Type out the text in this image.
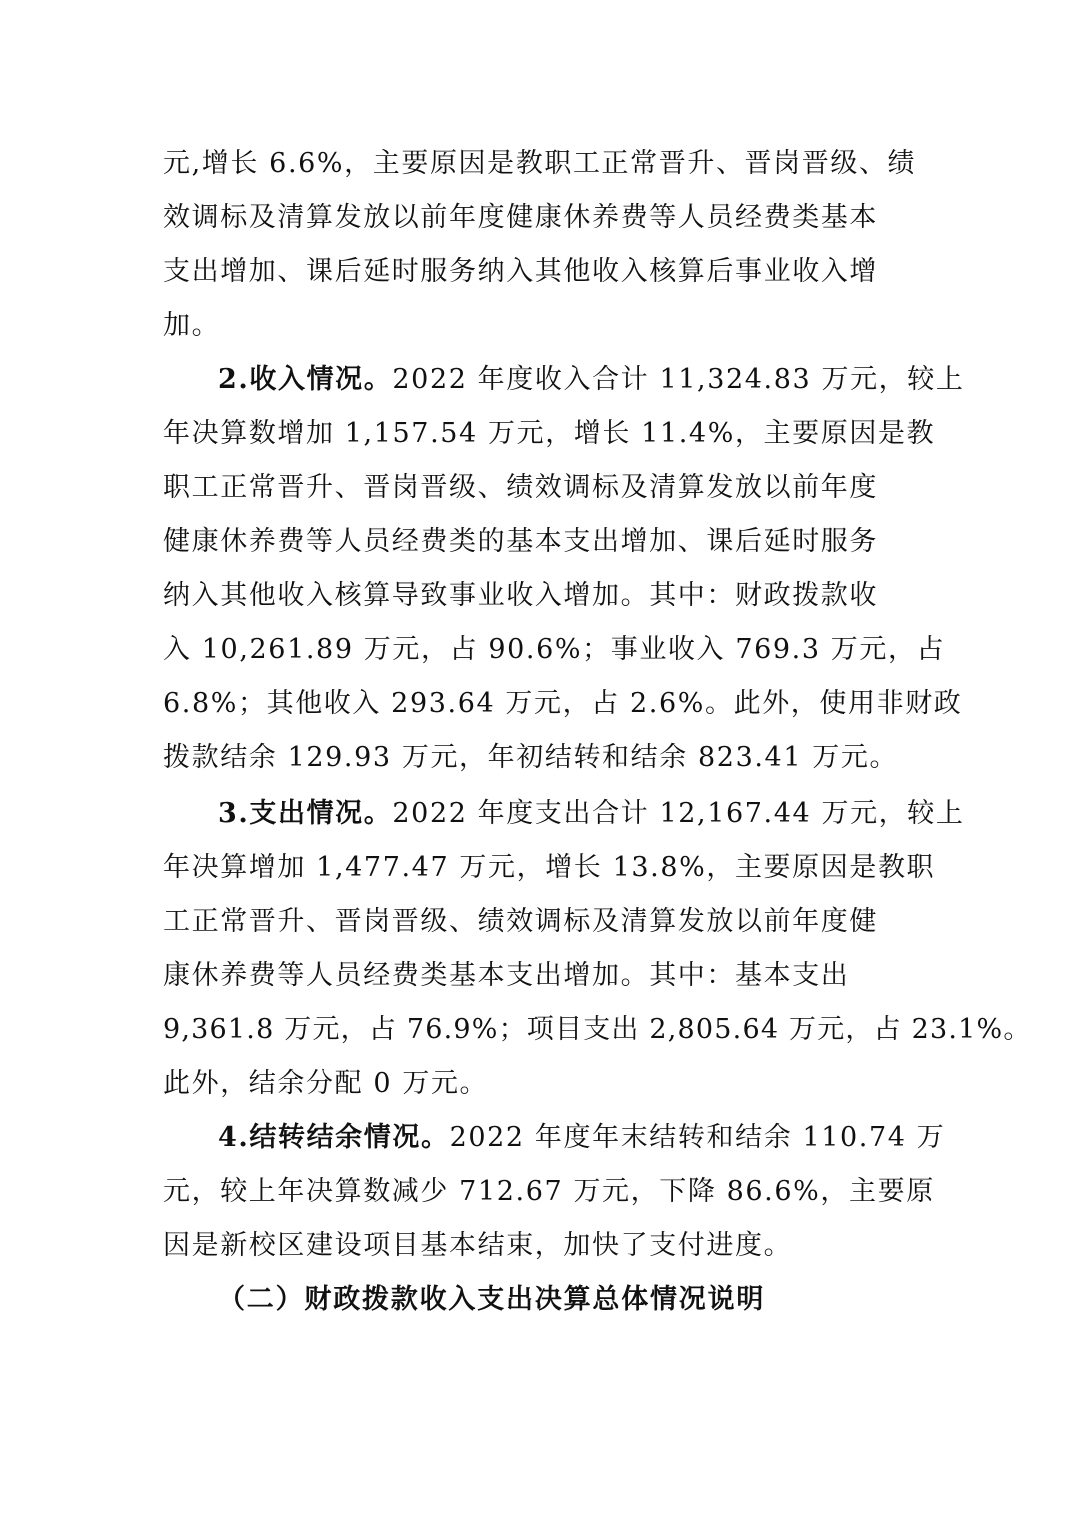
元,增长 6.6%，主要原因是教职工正常晋升、晋岗晋级、绩
效调标及清算发放以前年度健康休养费等人员经费类基本
支出增加、课后延时服务纳入其他收入核算后事业收入增
加。
2.收入情况。2022 年度收入合计 11,324.83 万元，较上
年决算数增加 1,157.54 万元，增长 11.4%，主要原因是教
职工正常晋升、晋岗晋级、绩效调标及清算发放以前年度
健康休养费等人员经费类的基本支出增加、课后延时服务
纳入其他收入核算导致事业收入增加。其中：财政拨款收
入 10,261.89 万元，占 90.6%；事业收入 769.3 万元，占
6.8%；其他收入 293.64 万元，占 2.6%。此外，使用非财政
拨款结余 129.93 万元，年初结转和结余 823.41 万元。
3.支出情况。2022 年度支出合计 12,167.44 万元，较上
年决算增加 1,477.47 万元，增长 13.8%，主要原因是教职
工正常晋升、晋岗晋级、绩效调标及清算发放以前年度健
康休养费等人员经费类基本支出增加。其中：基本支出
9,361.8 万元，占 76.9%；项目支出 2,805.64 万元，占 23.1%。
此外，结余分配 0 万元。
4.结转结余情况。2022 年度年末结转和结余 110.74 万
元，较上年决算数减少 712.67 万元，下降 86.6%，主要原
因是新校区建设项目基本结束，加快了支付进度。
（二）财政拨款收入支出决算总体情况说明
